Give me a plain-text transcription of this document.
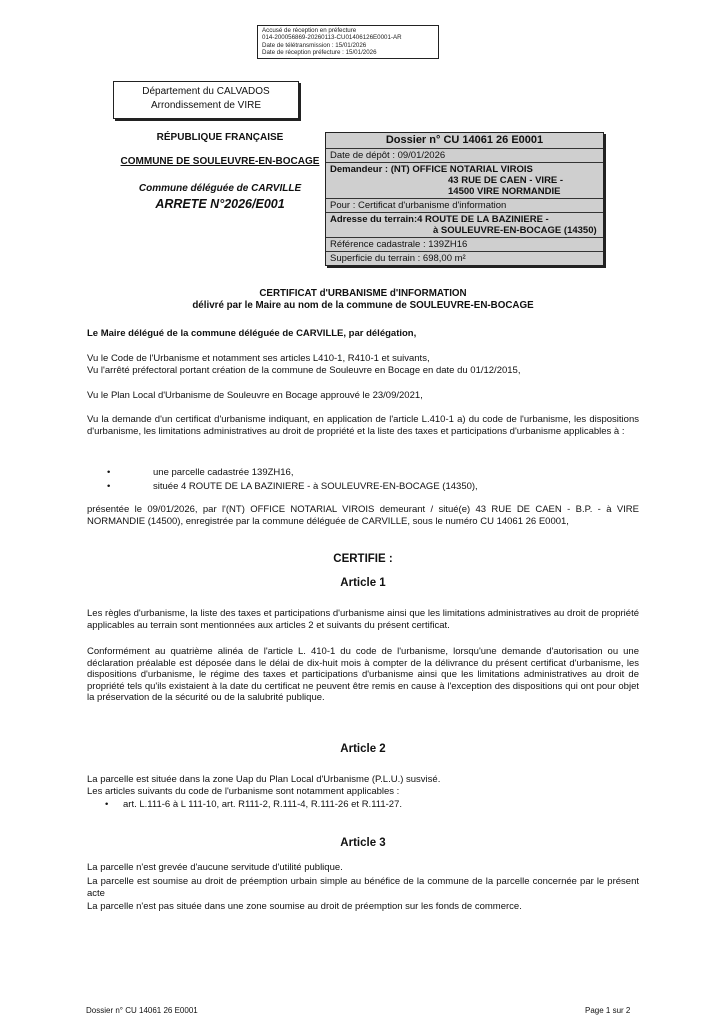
Accusé de réception en préfecture
014-200056869-20260113-CU01406126E0001-AR
Date de télétransmission : 15/01/2026
Date de réception préfecture : 15/01/2026
Département du CALVADOS
Arrondissement de VIRE
RÉPUBLIQUE FRANÇAISE
COMMUNE DE SOULEUVRE-EN-BOCAGE
Commune déléguée de CARVILLE
ARRETE N°2026/E001
Dossier n° CU 14061 26 E0001
Date de dépôt : 09/01/2026
Demandeur : (NT) OFFICE NOTARIAL VIROIS
43 RUE DE CAEN - VIRE -
14500 VIRE NORMANDIE
Pour : Certificat d'urbanisme d'information
Adresse du terrain:4 ROUTE DE LA BAZINIERE -
à SOULEUVRE-EN-BOCAGE (14350)
Référence cadastrale : 139ZH16
Superficie du terrain : 698,00 m²
CERTIFICAT d'URBANISME d'INFORMATION
délivré par le Maire au nom de la commune de SOULEUVRE-EN-BOCAGE
Le Maire délégué de la commune déléguée de CARVILLE, par délégation,
Vu le Code de l'Urbanisme et notamment ses articles L410-1, R410-1 et suivants,
Vu l'arrêté préfectoral portant création de la commune de Souleuvre en Bocage en date du 01/12/2015,
Vu le Plan Local d'Urbanisme de Souleuvre en Bocage approuvé le 23/09/2021,
Vu la demande d'un certificat d'urbanisme indiquant, en application de l'article L.410-1 a) du code de l'urbanisme, les dispositions d'urbanisme, les limitations administratives au droit de propriété et la liste des taxes et participations d'urbanisme applicables à :
•	une parcelle cadastrée 139ZH16,
•	située 4 ROUTE DE LA BAZINIERE - à SOULEUVRE-EN-BOCAGE (14350),
présentée le 09/01/2026, par l'(NT) OFFICE NOTARIAL VIROIS demeurant / situé(e) 43 RUE DE CAEN - B.P. - à VIRE NORMANDIE (14500), enregistrée par la commune déléguée de CARVILLE, sous le numéro CU 14061 26 E0001,
CERTIFIE :
Article 1
Les règles d'urbanisme, la liste des taxes et participations d'urbanisme ainsi que les limitations administratives au droit de propriété applicables au terrain sont mentionnées aux articles 2 et suivants du présent certificat.
Conformément au quatrième alinéa de l'article L. 410-1 du code de l'urbanisme, lorsqu'une demande d'autorisation ou une déclaration préalable est déposée dans le délai de dix-huit mois à compter de la délivrance du présent certificat d'urbanisme, les dispositions d'urbanisme, le régime des taxes et participations d'urbanisme ainsi que les limitations administratives au droit de propriété tels qu'ils existaient à la date du certificat ne peuvent être remis en cause à l'exception des dispositions qui ont pour objet la préservation de la sécurité ou de la salubrité publique.
Article 2
La parcelle est située dans la zone Uap du Plan Local d'Urbanisme (P.L.U.) susvisé.
Les articles suivants du code de l'urbanisme sont notamment applicables :
• art. L.111-6 à L 111-10, art. R111-2, R.111-4, R.111-26 et R.111-27.
Article 3
La parcelle n'est grevée d'aucune servitude d'utilité publique.
La parcelle est soumise au droit de préemption urbain simple au bénéfice de la commune de la parcelle concernée par le présent acte
La parcelle n'est pas située dans une zone soumise au droit de préemption sur les fonds de commerce.
Dossier n° CU 14061 26 E0001	Page 1 sur 2
